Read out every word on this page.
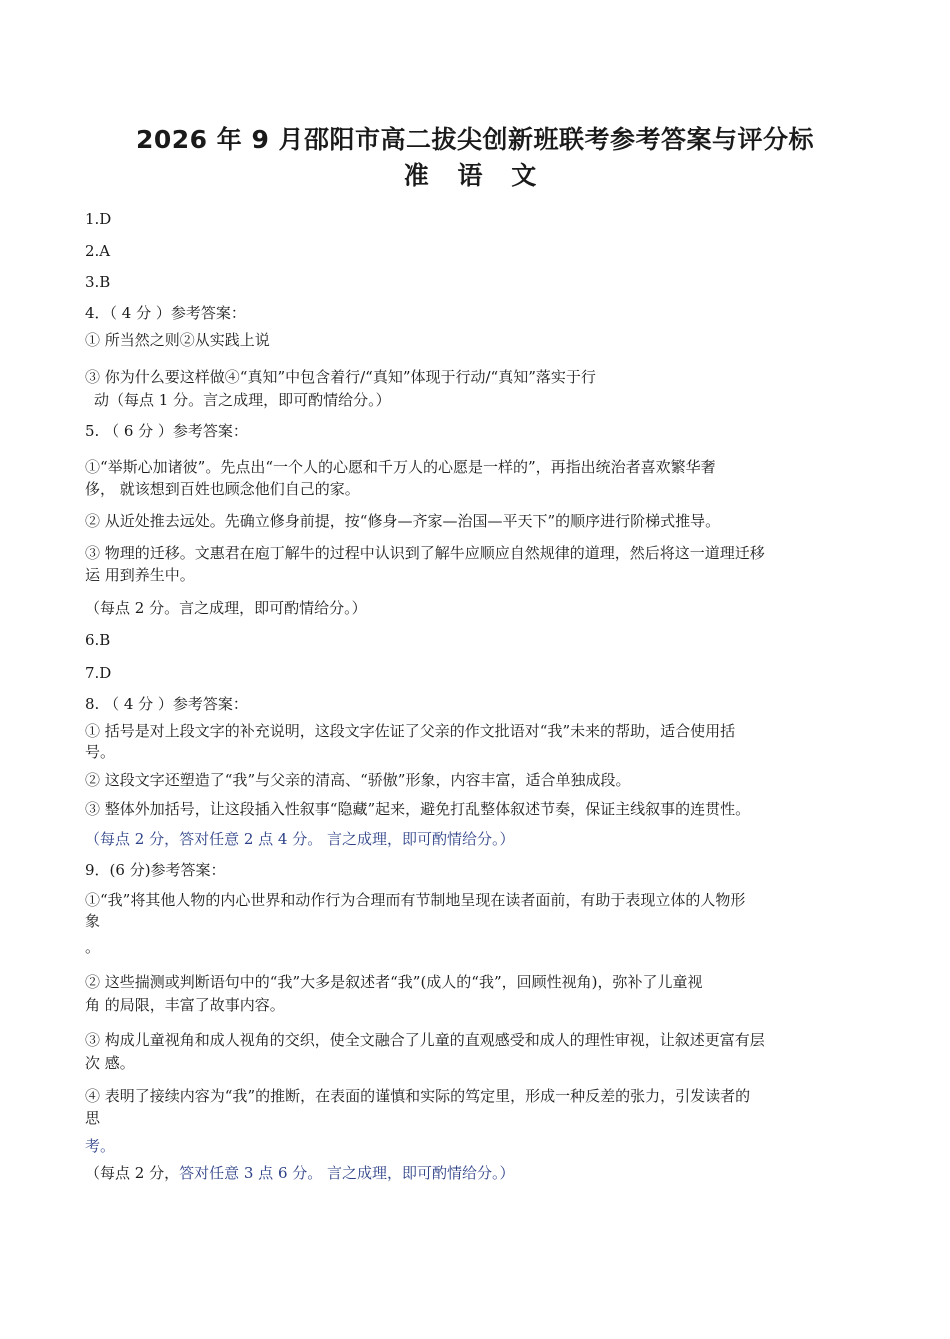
2026 年 9 月邵阳市高二拔尖创新班联考参考答案与评分标
准 语 文
1.D
2.A
3.B
4．（ 4 分 ）参考答案：
① 所当然之则②从实践上说
③ 你为什么要这样做④“真知”中包含着行/“真知”体现于行动/“真知”落实于行
动（每点 1 分。言之成理，即可酌情给分。）
5. （ 6 分 ）参考答案：
①“举斯心加诸彼”。先点出“一个人的心愿和千万人的心愿是一样的”，再指出统治者喜欢繁华奢
侈， 就该想到百姓也顾念他们自己的家。
② 从近处推去远处。先确立修身前提，按“修身—齐家—治国—平天下”的顺序进行阶梯式推导。
③ 物理的迁移。文惠君在庖丁解牛的过程中认识到了解牛应顺应自然规律的道理，然后将这一道理迁移
运 用到养生中。
（每点 2 分。言之成理，即可酌情给分。）
6.B
7.D
8. （ 4 分 ）参考答案：
① 括号是对上段文字的补充说明，这段文字佐证了父亲的作文批语对“我”未来的帮助，适合使用括
号。
② 这段文字还塑造了“我”与父亲的清高、“骄傲”形象，内容丰富，适合单独成段。
③ 整体外加括号，让这段插入性叙事“隐藏”起来，避免打乱整体叙述节奏，保证主线叙事的连贯性。
（每点 2 分，答对任意 2 点 4 分。 言之成理，即可酌情给分。）
9．(6 分)参考答案：
①“我”将其他人物的内心世界和动作行为合理而有节制地呈现在读者面前，有助于表现立体的人物形
象
。
② 这些揣测或判断语句中的“我”大多是叙述者“我”(成人的“我”，回顾性视角)，弥补了儿童视
角 的局限，丰富了故事内容。
③ 构成儿童视角和成人视角的交织，使全文融合了儿童的直观感受和成人的理性审视，让叙述更富有层
次 感。
④ 表明了接续内容为“我”的推断，在表面的谨慎和实际的笃定里，形成一种反差的张力，引发读者的
思
考。
（每点 2 分，答对任意 3 点 6 分。 言之成理，即可酌情给分。）
